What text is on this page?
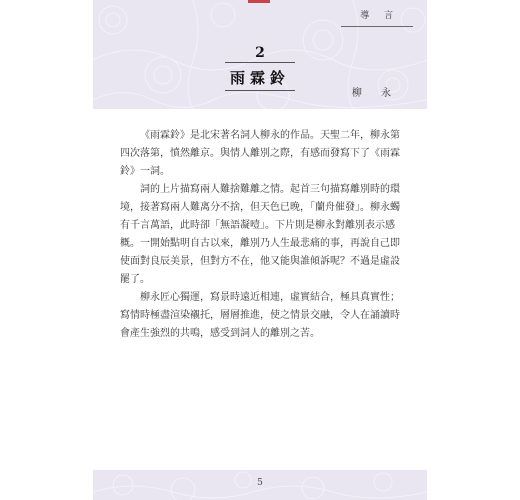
導 言
2
雨霖鈴
柳 永

《雨霖鈴》是北宋著名詞人柳永的作品。天聖二年，柳永第四次落第，憤然離京。與情人離別之際，有感而發寫下了《雨霖鈴》一詞。

詞的上片描寫兩人難捨難離之情。起首三句描寫離別時的環境，接著寫兩人難离分不捨，但天色已晚，「蘭舟催發」。柳永蠋有千言萬語，此時卻「無語凝噎」。下片則是柳永對離別表示感概。一開始點明自古以來，離別乃人生最悲痛的事，再說自己即使面對良辰美景，但對方不在，他又能與誰傾訴呢？不過是虛設罷了。

柳永匠心獨運，寫景時遠近相連，虛實結合，極具真實性；寫情時極盡渲染襯托，層層推進，使之情景交融，令人在誦讀時會產生強烈的共鳴，感受到詞人的離別之苦。

5
